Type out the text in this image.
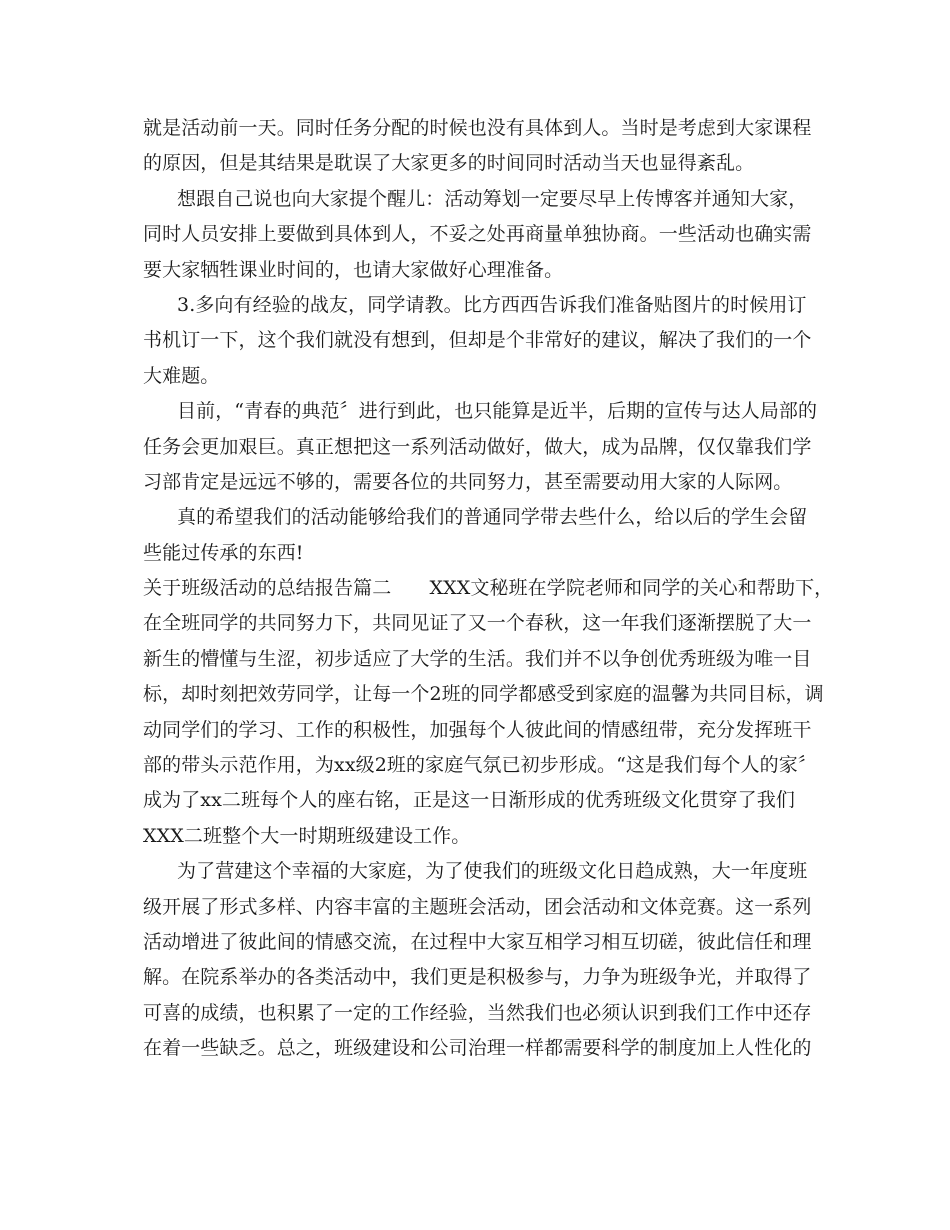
就是活动前一天。同时任务分配的时候也没有具体到人。当时是考虑到大家课程
的原因，但是其结果是耽误了大家更多的时间同时活动当天也显得紊乱。
想跟自己说也向大家提个醒儿：活动筹划一定要尽早上传博客并通知大家，
同时人员安排上要做到具体到人，不妥之处再商量单独协商。一些活动也确实需
要大家牺牲课业时间的，也请大家做好心理准备。
3.多向有经验的战友，同学请教。比方西西告诉我们准备贴图片的时候用订
书机订一下，这个我们就没有想到，但却是个非常好的建议，解决了我们的一个
大难题。
目前，“青春的典范〞进行到此，也只能算是近半，后期的宣传与达人局部的
任务会更加艰巨。真正想把这一系列活动做好，做大，成为品牌，仅仅靠我们学
习部肯定是远远不够的，需要各位的共同努力，甚至需要动用大家的人际网。
真的希望我们的活动能够给我们的普通同学带去些什么，给以后的学生会留
些能过传承的东西!
关于班级活动的总结报告篇二　　XXX文秘班在学院老师和同学的关心和帮助下，
在全班同学的共同努力下，共同见证了又一个春秋，这一年我们逐渐摆脱了大一
新生的懵懂与生涩，初步适应了大学的生活。我们并不以争创优秀班级为唯一目
标，却时刻把效劳同学，让每一个2班的同学都感受到家庭的温馨为共同目标，调
动同学们的学习、工作的积极性，加强每个人彼此间的情感纽带，充分发挥班干
部的带头示范作用，为xx级2班的家庭气氛已初步形成。“这是我们每个人的家〞
成为了xx二班每个人的座右铭，正是这一日渐形成的优秀班级文化贯穿了我们
XXX二班整个大一时期班级建设工作。
为了营建这个幸福的大家庭，为了使我们的班级文化日趋成熟，大一年度班
级开展了形式多样、内容丰富的主题班会活动，团会活动和文体竞赛。这一系列
活动增进了彼此间的情感交流，在过程中大家互相学习相互切磋，彼此信任和理
解。在院系举办的各类活动中，我们更是积极参与，力争为班级争光，并取得了
可喜的成绩，也积累了一定的工作经验，当然我们也必须认识到我们工作中还存
在着一些缺乏。总之，班级建设和公司治理一样都需要科学的制度加上人性化的
